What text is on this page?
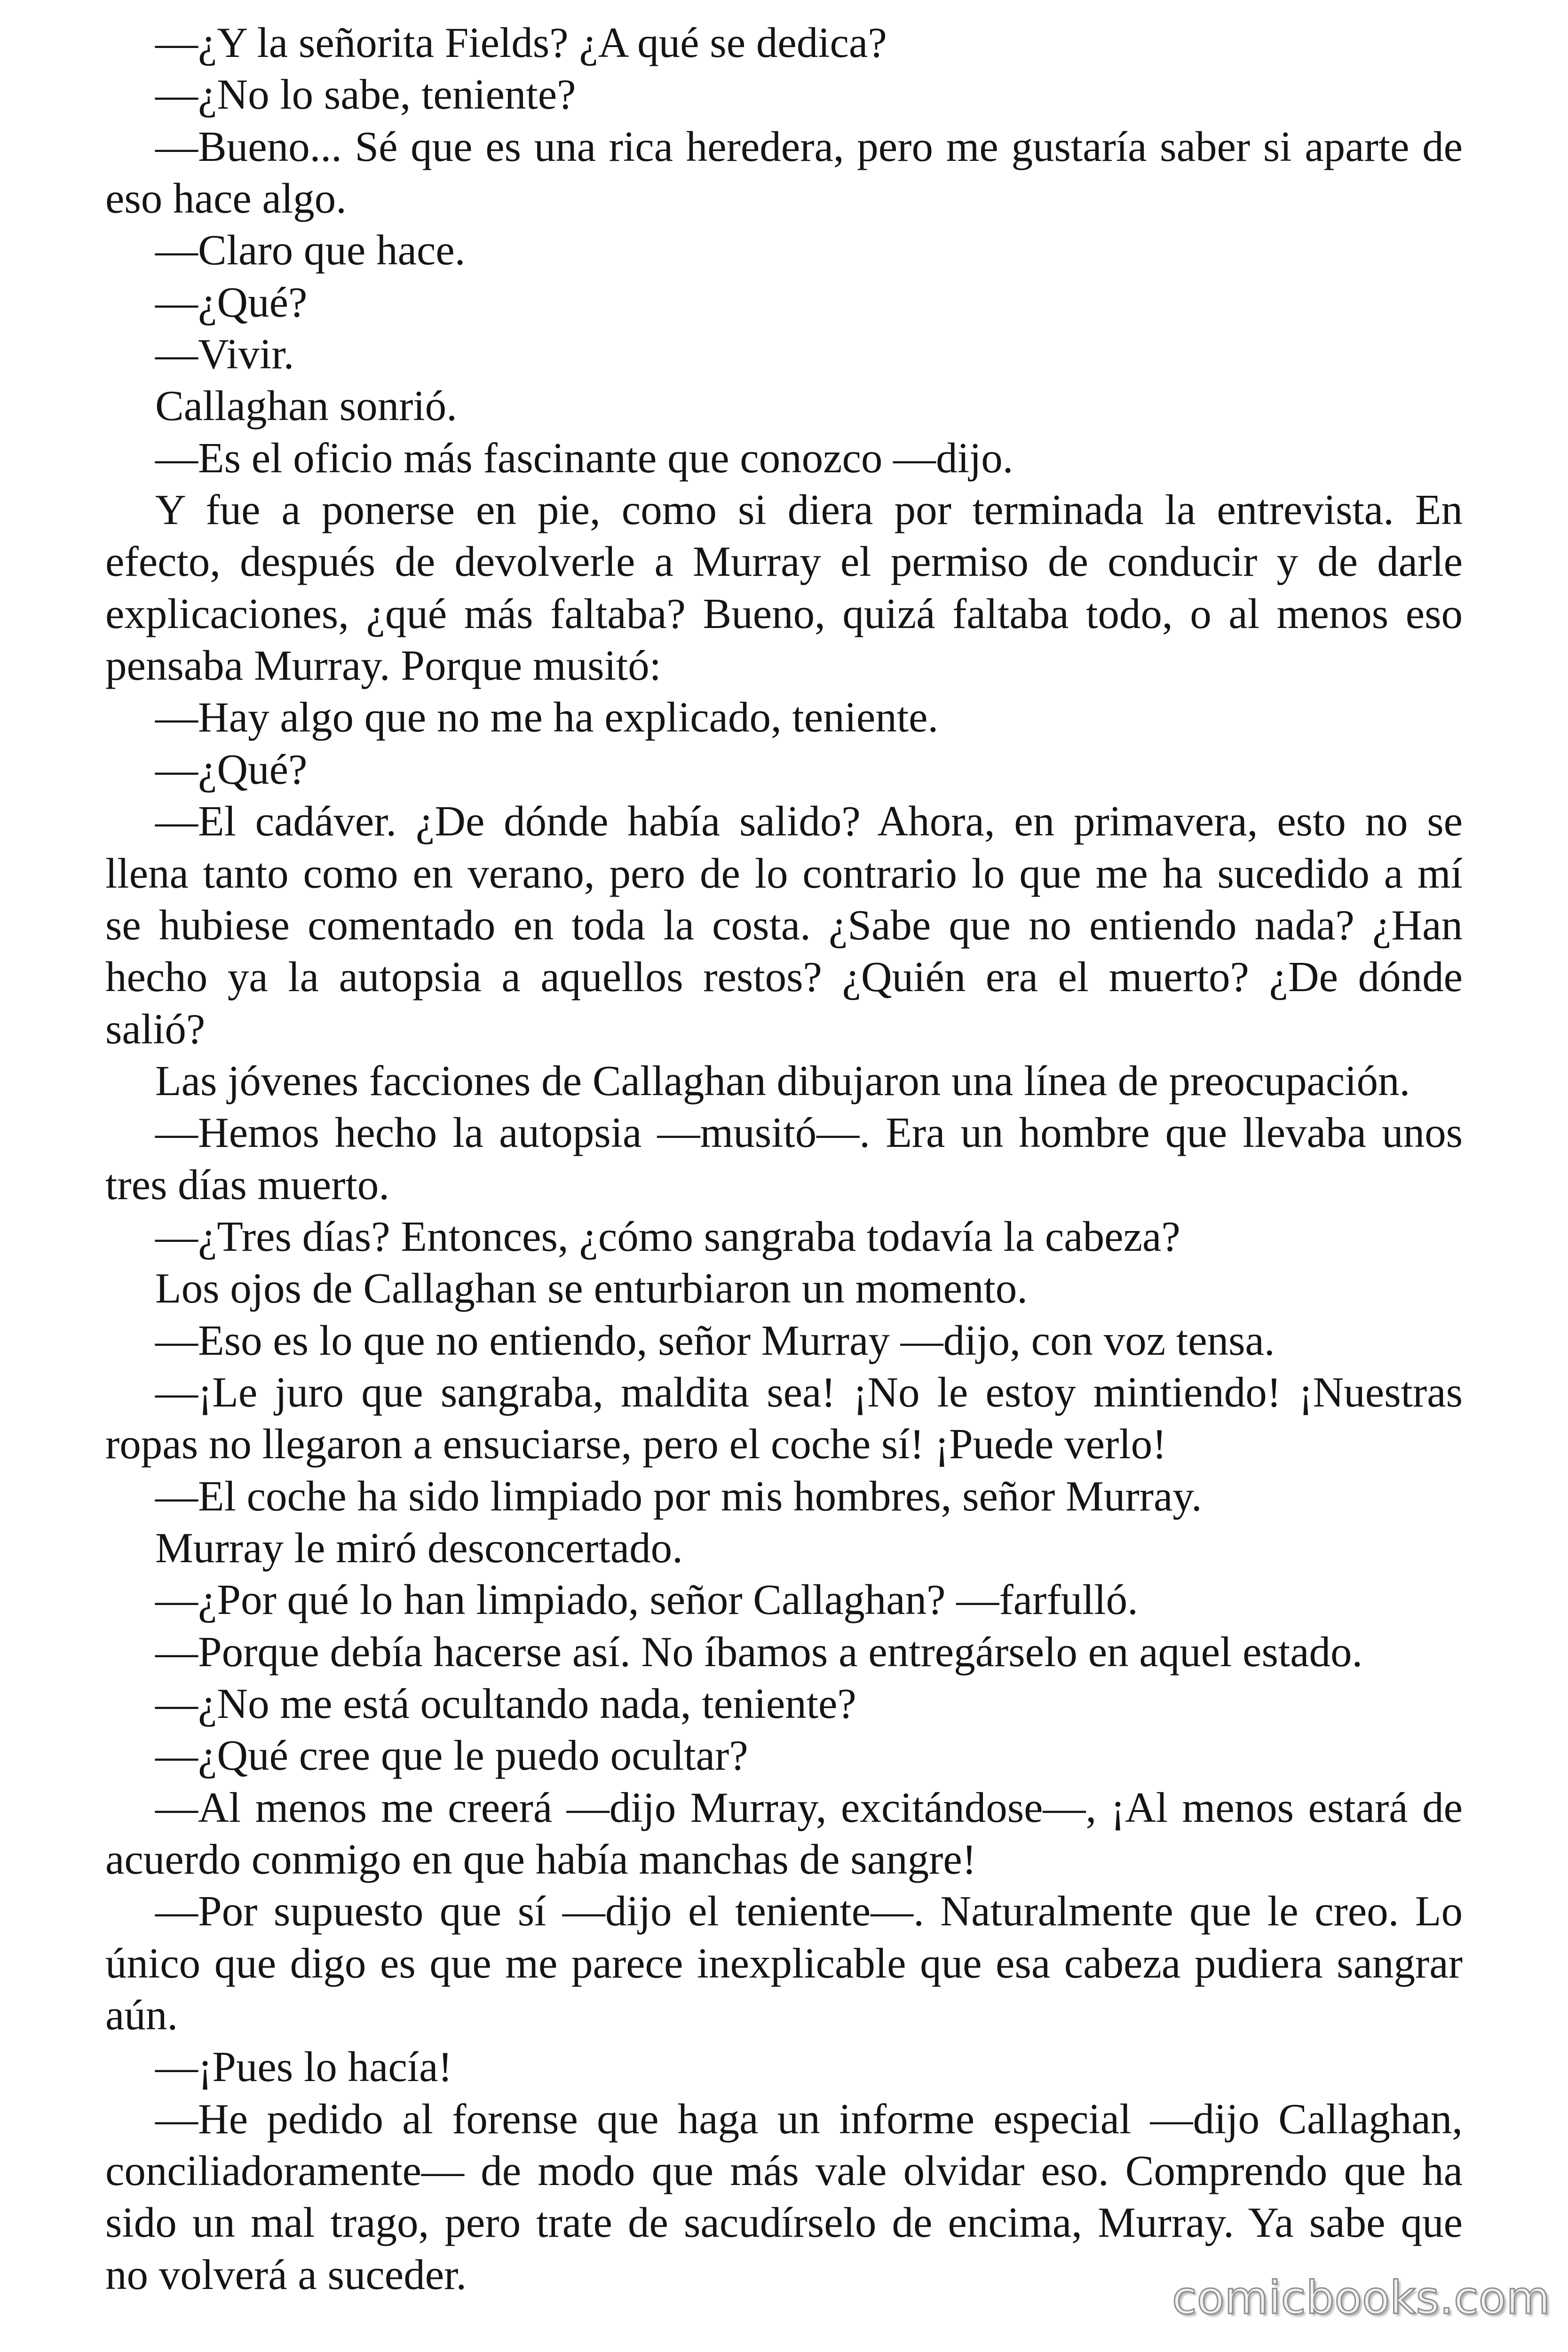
—¿Y la señorita Fields? ¿A qué se dedica?

—¿No lo sabe, teniente?

—Bueno... Sé que es una rica heredera, pero me gustaría saber si aparte de
eso hace algo.

—Claro que hace.

—¿Qué?

—Vivir.

Callaghan sonrió.

—Es el oficio más fascinante que conozco —dijo.

Y fue a ponerse en pie, como si diera por terminada la entrevista. En
efecto, después de devolverle a Murray el permiso de conducir y de darle
explicaciones, ¿qué más faltaba? Bueno, quizá faltaba todo, o al menos eso
pensaba Murray. Porque musitó:

—Hay algo que no me ha explicado, teniente.

—¿Qué?

—El cadáver. ¿De dónde había salido? Ahora, en primavera, esto no se
llena tanto como en verano, pero de lo contrario lo que me ha sucedido a mí
se hubiese comentado en toda la costa. ¿Sabe que no entiendo nada? ¿Han
hecho ya la autopsia a aquellos restos? ¿Quién era el muerto? ¿De dónde
salió?

Las jóvenes facciones de Callaghan dibujaron una línea de preocupación.

—Hemos hecho la autopsia —musitó—. Era un hombre que llevaba unos
tres días muerto.

—¿Tres días? Entonces, ¿cómo sangraba todavía la cabeza?

Los ojos de Callaghan se enturbiaron un momento.

—Eso es lo que no entiendo, señor Murray —dijo, con voz tensa.

—¡Le juro que sangraba, maldita sea! ¡No le estoy mintiendo! ¡Nuestras
ropas no llegaron a ensuciarse, pero el coche sí! ¡Puede verlo!

—El coche ha sido limpiado por mis hombres, señor Murray.

Murray le miró desconcertado.

—¿Por qué lo han limpiado, señor Callaghan? —farfulló.

—Porque debía hacerse así. No íbamos a entregárselo en aquel estado.

—¿No me está ocultando nada, teniente?

—¿Qué cree que le puedo ocultar?

—Al menos me creerá —dijo Murray, excitándose—, ¡Al menos estará de
acuerdo conmigo en que había manchas de sangre!

—Por supuesto que sí —dijo el teniente—. Naturalmente que le creo. Lo
único que digo es que me parece inexplicable que esa cabeza pudiera sangrar
aún.

—¡Pues lo hacía!

—He pedido al forense que haga un informe especial —dijo Callaghan,
conciliadoramente— de modo que más vale olvidar eso. Comprendo que ha
sido un mal trago, pero trate de sacudírselo de encima, Murray. Ya sabe que
no volverá a suceder.	comicbooks.com
